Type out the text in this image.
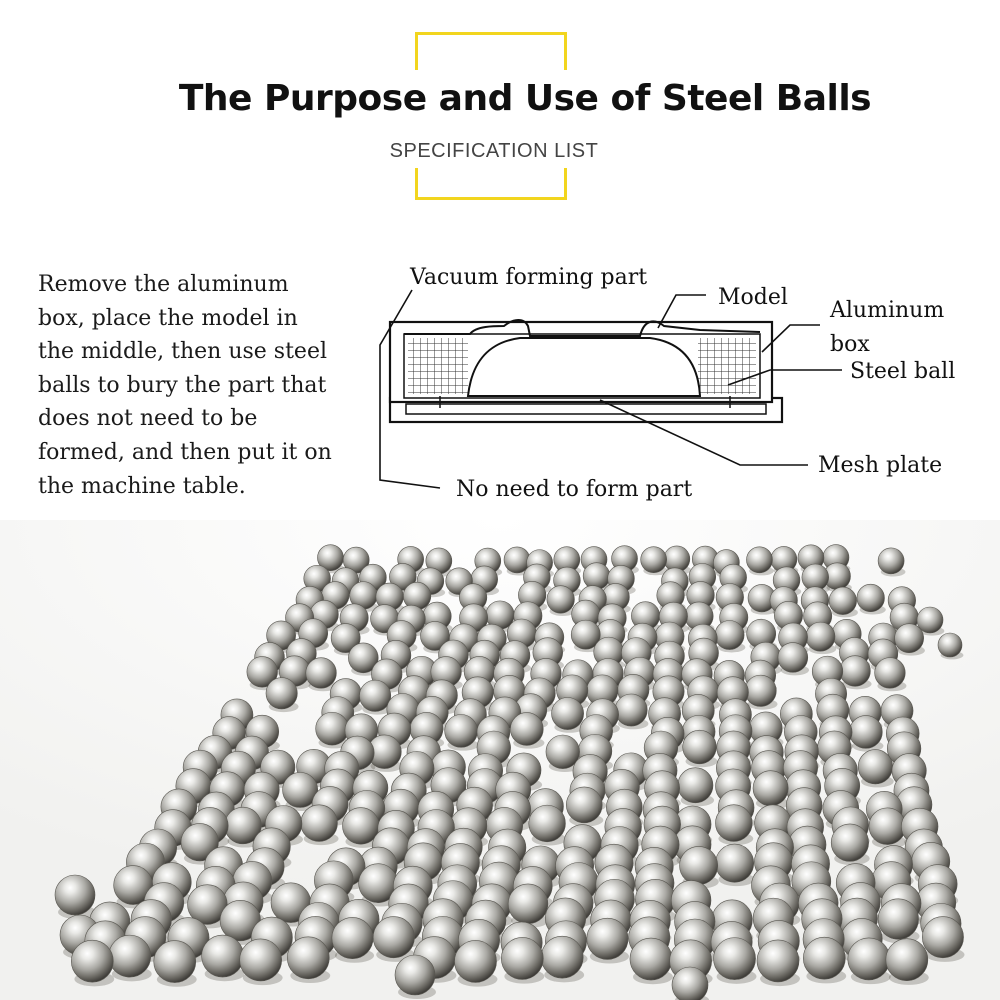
The Purpose and Use of Steel Balls
SPECIFICATION LIST
Remove the aluminum
box, place the model in
the middle, then use steel
balls to bury the part that
does not need to be
formed, and then put it on
the machine table.
Vacuum forming part
Model
Aluminum
box
Steel ball
Mesh plate
No need to form part
